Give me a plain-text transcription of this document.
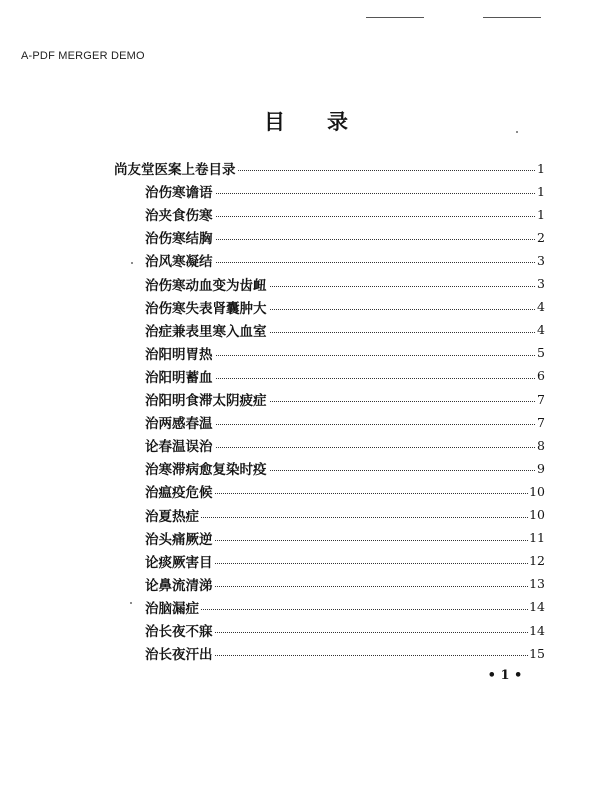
A-PDF MERGER DEMO
目 录
尚友堂医案上卷目录	1
治伤寒谵语	1
治夹食伤寒	1
治伤寒结胸	2
治风寒凝结	3
治伤寒动血变为齿衄	3
治伤寒失表肾囊肿大	4
治症兼表里寒入血室	4
治阳明胃热	5
治阳明蓄血	6
治阳明食滞太阴疲症	7
治两感春温	7
论春温误治	8
治寒滞病愈复染时疫	9
治瘟疫危候	10
治夏热症	10
治头痛厥逆	11
论痰厥害目	12
论鼻流清涕	13
治脑漏症	14
治长夜不寐	14
治长夜汗出	15
• 1 •
